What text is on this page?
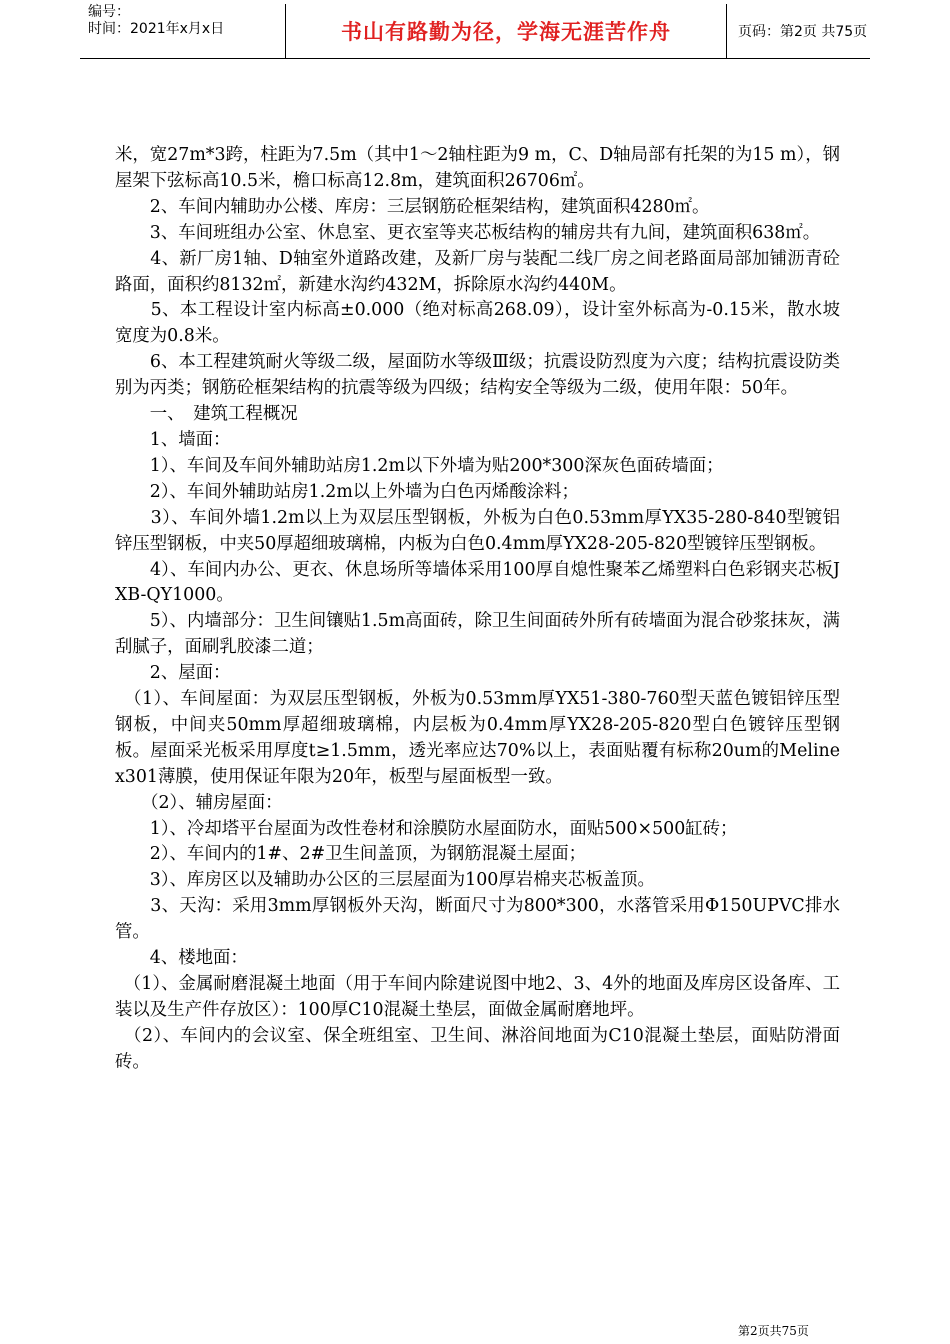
编号：
时间：2021年x月x日	书山有路勤为径，学海无涯苦作舟	页码：第2页 共75页

米，宽27m*3跨，柱距为7.5m（其中1～2轴柱距为9 m，C、D轴局部有托架的为15 m），钢屋架下弦标高10.5米，檐口标高12.8m，建筑面积26706㎡。

　　2、车间内辅助办公楼、库房：三层钢筋砼框架结构，建筑面积4280㎡。

　　3、车间班组办公室、休息室、更衣室等夹芯板结构的辅房共有九间，建筑面积638㎡。

　　4、新厂房1轴、D轴室外道路改建，及新厂房与装配二线厂房之间老路面局部加铺沥青砼路面，面积约8132㎡，新建水沟约432M，拆除原水沟约440M。

　　5、本工程设计室内标高±0.000（绝对标高268.09），设计室外标高为-0.15米，散水坡宽度为0.8米。

　　6、本工程建筑耐火等级二级，屋面防水等级Ⅲ级；抗震设防烈度为六度；结构抗震设防类别为丙类；钢筋砼框架结构的抗震等级为四级；结构安全等级为二级，使用年限：50年。

　　一、　建筑工程概况

　　1、墙面：

　　1）、车间及车间外辅助站房1.2m以下外墙为贴200*300深灰色面砖墙面；

　　2）、车间外辅助站房1.2m以上外墙为白色丙烯酸涂料；

　　3）、车间外墙1.2m以上为双层压型钢板，外板为白色0.53mm厚YX35-280-840型镀铝锌压型钢板，中夹50厚超细玻璃棉，内板为白色0.4mm厚YX28-205-820型镀锌压型钢板。

　　4）、车间内办公、更衣、休息场所等墙体采用100厚自熄性聚苯乙烯塑料白色彩钢夹芯板JXB-QY1000。

　　5）、内墙部分：卫生间镶贴1.5m高面砖，除卫生间面砖外所有砖墙面为混合砂浆抹灰，满刮腻子，面刷乳胶漆二道；

　　2、屋面：

　（1）、车间屋面：为双层压型钢板，外板为0.53mm厚YX51-380-760型天蓝色镀铝锌压型钢板，中间夹50mm厚超细玻璃棉，内层板为0.4mm厚YX28-205-820型白色镀锌压型钢板。屋面采光板采用厚度t≥1.5mm，透光率应达70%以上，表面贴覆有标称20um的Melinex301薄膜，使用保证年限为20年，板型与屋面板型一致。

　　（2）、辅房屋面：

　　1）、冷却塔平台屋面为改性卷材和涂膜防水屋面防水，面贴500×500缸砖；

　　2）、车间内的1#、2#卫生间盖顶，为钢筋混凝土屋面；

　　3）、库房区以及辅助办公区的三层屋面为100厚岩棉夹芯板盖顶。

　　3、天沟：采用3mm厚钢板外天沟，断面尺寸为800*300，水落管采用Φ150UPVC排水管。

　　4、楼地面：

　（1）、金属耐磨混凝土地面（用于车间内除建说图中地2、3、4外的地面及库房区设备库、工装以及生产件存放区）：100厚C10混凝土垫层，面做金属耐磨地坪。

　（2）、车间内的会议室、保全班组室、卫生间、淋浴间地面为C10混凝土垫层，面贴防滑面砖。

第2页共75页
